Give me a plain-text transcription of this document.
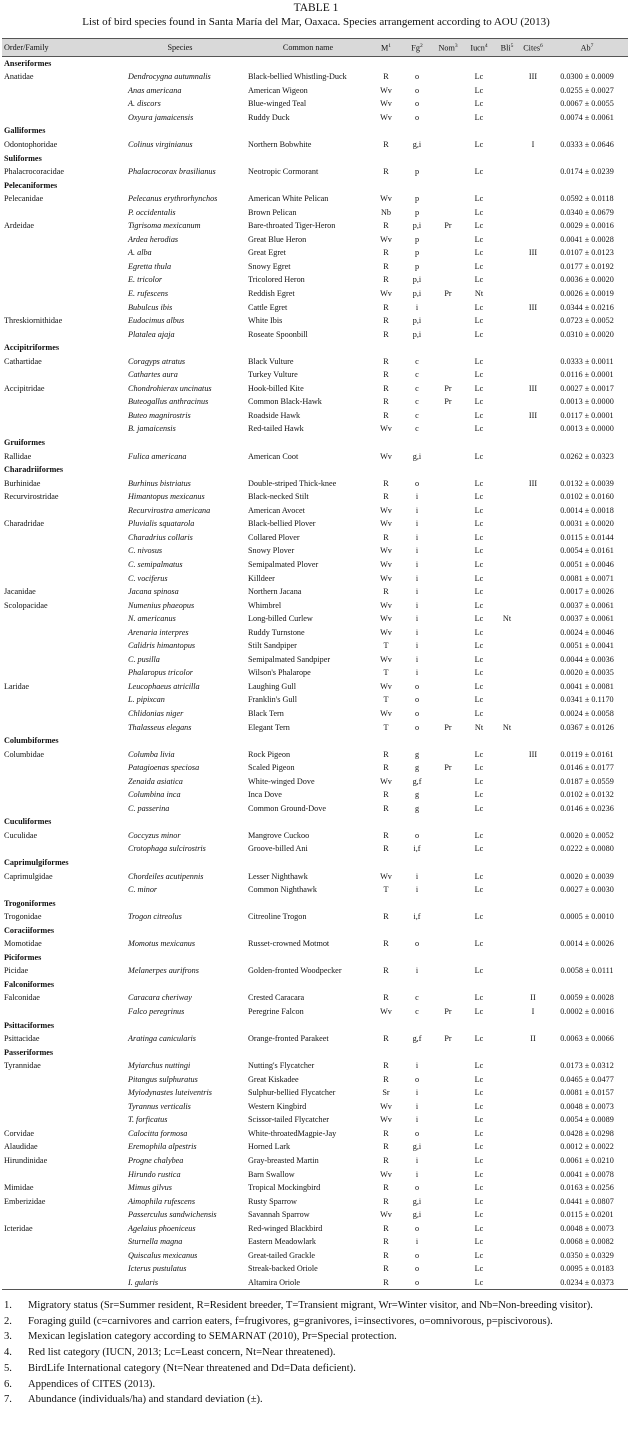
TABLE 1
List of bird species found in Santa María del Mar, Oaxaca. Species arrangement according to AOU (2013)
Order/Family	Species	Common name	$M^1$	Fg$^2$	Nom$^3$	Iucn$^4$	Bli$^5$	Cites$^6$	Ab$^7$
Anseriformes									
Anatidae	Dendrocygna autumnalis	Black-bellied Whistling-Duck	R	o		Lc		III	0.0300 ± 0.0009
	Anas americana	American Wigeon	Wv	o		Lc			0.0255 ± 0.0027
	A. discors	Blue-winged Teal	Wv	o		Lc			0.0067 ± 0.0055
	Oxyura jamaicensis	Ruddy Duck	Wv	o		Lc			0.0074 ± 0.0061
Galliformes									
Odontophoridae	Colinus virginianus	Northern Bobwhite	R	g,i		Lc		I	0.0333 ± 0.0646
Suliformes									
Phalacrocoracidae	Phalacrocorax brasilianus	Neotropic Cormorant	R	p		Lc			0.0174 ± 0.0239
Pelecaniformes									
Pelecanidae	Pelecanus erythrorhynchos	American White Pelican	Wv	p		Lc			0.0592 ± 0.0118
	P. occidentalis	Brown Pelican	Nb	p		Lc			0.0340 ± 0.0679
Ardeidae	Tigrisoma mexicanum	Bare-throated Tiger-Heron	R	p,i	Pr	Lc			0.0029 ± 0.0016
	Ardea herodias	Great Blue Heron	Wv	p		Lc			0.0041 ± 0.0028
	A. alba	Great Egret	R	p		Lc		III	0.0107 ± 0.0123
	Egretta thula	Snowy Egret	R	p		Lc			0.0177 ± 0.0192
	E. tricolor	Tricolored Heron	R	p,i		Lc			0.0036 ± 0.0020
	E. rufescens	Reddish Egret	Wv	p,i	Pr	Nt			0.0026 ± 0.0019
	Bubulcus ibis	Cattle Egret	R	i		Lc		III	0.0344 ± 0.0216
Threskiornithidae	Eudocimus albus	White Ibis	R	p,i		Lc			0.0723 ± 0.0052
	Platalea ajaja	Roseate Spoonbill	R	p,i		Lc			0.0310 ± 0.0020
Accipitriformes									
Cathartidae	Coragyps atratus	Black Vulture	R	c		Lc			0.0333 ± 0.0011
	Cathartes aura	Turkey Vulture	R	c		Lc			0.0116 ± 0.0001
Accipitridae	Chondrohierax uncinatus	Hook-billed Kite	R	c	Pr	Lc		III	0.0027 ± 0.0017
	Buteogallus anthracinus	Common Black-Hawk	R	c	Pr	Lc			0.0013 ± 0.0000
	Buteo magnirostris	Roadside Hawk	R	c		Lc		III	0.0117 ± 0.0001
	B. jamaicensis	Red-tailed Hawk	Wv	c		Lc			0.0013 ± 0.0000
Gruiformes									
Rallidae	Fulica americana	American Coot	Wv	g,i		Lc			0.0262 ± 0.0323
Charadriiformes									
Burhinidae	Burhinus bistriatus	Double-striped Thick-knee	R	o		Lc		III	0.0132 ± 0.0039
Recurvirostridae	Himantopus mexicanus	Black-necked Stilt	R	i		Lc			0.0102 ± 0.0160
	Recurvirostra americana	American Avocet	Wv	i		Lc			0.0014 ± 0.0018
Charadridae	Pluvialis squatarola	Black-bellied Plover	Wv	i		Lc			0.0031 ± 0.0020
	Charadrius collaris	Collared Plover	R	i		Lc			0.0115 ± 0.0144
	C. nivosus	Snowy Plover	Wv	i		Lc			0.0054 ± 0.0161
	C. semipalmatus	Semipalmated Plover	Wv	i		Lc			0.0051 ± 0.0046
	C. vociferus	Killdeer	Wv	i		Lc			0.0081 ± 0.0071
Jacanidae	Jacana spinosa	Northern Jacana	R	i		Lc			0.0017 ± 0.0026
Scolopacidae	Numenius phaeopus	Whimbrel	Wv	i		Lc			0.0037 ± 0.0061
	N. americanus	Long-billed Curlew	Wv	i		Lc	Nt		0.0037 ± 0.0061
	Arenaria interpres	Ruddy Turnstone	Wv	i		Lc			0.0024 ± 0.0046
	Calidris himantopus	Stilt Sandpiper	T	i		Lc			0.0051 ± 0.0041
	C. pusilla	Semipalmated Sandpiper	Wv	i		Lc			0.0044 ± 0.0036
	Phalaropus tricolor	Wilson's Phalarope	T	i		Lc			0.0020 ± 0.0035
Laridae	Leucophaeus atricilla	Laughing Gull	Wv	o		Lc			0.0041 ± 0.0081
	L. pipixcan	Franklin's Gull	T	o		Lc			0.0341 ± 0.1170
	Chlidonias niger	Black Tern	Wv	o		Lc			0.0024 ± 0.0058
	Thalasseus elegans	Elegant Tern	T	o	Pr	Nt	Nt		0.0367 ± 0.0126
Columbiformes									
Columbidae	Columba livia	Rock Pigeon	R	g		Lc		III	0.0119 ± 0.0161
	Patagioenas speciosa	Scaled Pigeon	R	g	Pr	Lc			0.0146 ± 0.0177
	Zenaida asiatica	White-winged Dove	Wv	g,f		Lc			0.0187 ± 0.0559
	Columbina inca	Inca Dove	R	g		Lc			0.0102 ± 0.0132
	C. passerina	Common Ground-Dove	R	g		Lc			0.0146 ± 0.0236
Cuculiformes									
Cuculidae	Coccyzus minor	Mangrove Cuckoo	R	o		Lc			0.0020 ± 0.0052
	Crotophaga sulcirostris	Groove-billed Ani	R	i,f		Lc			0.0222 ± 0.0080
Caprimulgiformes									
Caprimulgidae	Chordeiles acutipennis	Lesser Nighthawk	Wv	i		Lc			0.0020 ± 0.0039
	C. minor	Common Nighthawk	T	i		Lc			0.0027 ± 0.0030
Trogoniformes									
Trogonidae	Trogon citreolus	Citreoline Trogon	R	i,f		Lc			0.0005 ± 0.0010
Coraciiformes									
Momotidae	Momotus mexicanus	Russet-crowned Motmot	R	o		Lc			0.0014 ± 0.0026
Piciformes									
Picidae	Melanerpes aurifrons	Golden-fronted Woodpecker	R	i		Lc			0.0058 ± 0.0111
Falconiformes									
Falconidae	Caracara cheriway	Crested Caracara	R	c		Lc		II	0.0059 ± 0.0028
	Falco peregrinus	Peregrine Falcon	Wv	c	Pr	Lc		I	0.0002 ± 0.0016
Psittaciformes									
Psittacidae	Aratinga canicularis	Orange-fronted Parakeet	R	g,f	Pr	Lc		II	0.0063 ± 0.0066
Passeriformes									
Tyrannidae	Myiarchus nuttingi	Nutting's Flycatcher	R	i		Lc			0.0173 ± 0.0312
	Pitangus sulphuratus	Great Kiskadee	R	o		Lc			0.0465 ± 0.0477
	Myiodynastes luteiventris	Sulphur-bellied Flycatcher	Sr	i		Lc			0.0081 ± 0.0157
	Tyrannus verticalis	Western Kingbird	Wv	i		Lc			0.0048 ± 0.0073
	T. forficatus	Scissor-tailed Flycatcher	Wv	i		Lc			0.0054 ± 0.0089
Corvidae	Calocitta formosa	White-throatedMagpie-Jay	R	o		Lc			0.0428 ± 0.0298
Alaudidae	Eremophila alpestris	Horned Lark	R	g,i		Lc			0.0012 ± 0.0022
Hirundinidae	Progne chalybea	Gray-breasted Martin	R	i		Lc			0.0061 ± 0.0210
	Hirundo rustica	Barn Swallow	Wv	i		Lc			0.0041 ± 0.0078
Mimidae	Mimus gilvus	Tropical Mockingbird	R	o		Lc			0.0163 ± 0.0256
Emberizidae	Aimophila rufescens	Rusty Sparrow	R	g,i		Lc			0.0441 ± 0.0807
	Passerculus sandwichensis	Savannah Sparrow	Wv	g,i		Lc			0.0115 ± 0.0201
Icteridae	Agelaius phoeniceus	Red-winged Blackbird	R	o		Lc			0.0048 ± 0.0073
	Sturnella magna	Eastern Meadowlark	R	i		Lc			0.0068 ± 0.0082
	Quiscalus mexicanus	Great-tailed Grackle	R	o		Lc			0.0350 ± 0.0329
	Icterus pustulatus	Streak-backed Oriole	R	o		Lc			0.0095 ± 0.0183
	I. gularis	Altamira Oriole	R	o		Lc			0.0234 ± 0.0373
1. Migratory status (Sr=Summer resident, R=Resident breeder, T=Transient migrant, Wr=Winter visitor, and Nb=Non-breeding visitor).
2. Foraging guild (c=carnivores and carrion eaters, f=frugivores, g=granivores, i=insectivores, o=omnivorous, p=piscivorous).
3. Mexican legislation category according to SEMARNAT (2010), Pr=Special protection.
4. Red list category (IUCN, 2013; Lc=Least concern, Nt=Near threatened).
5. BirdLife International category (Nt=Near threatened and Dd=Data deficient).
6. Appendices of CITES (2013).
7. Abundance (individuals/ha) and standard deviation (±).
